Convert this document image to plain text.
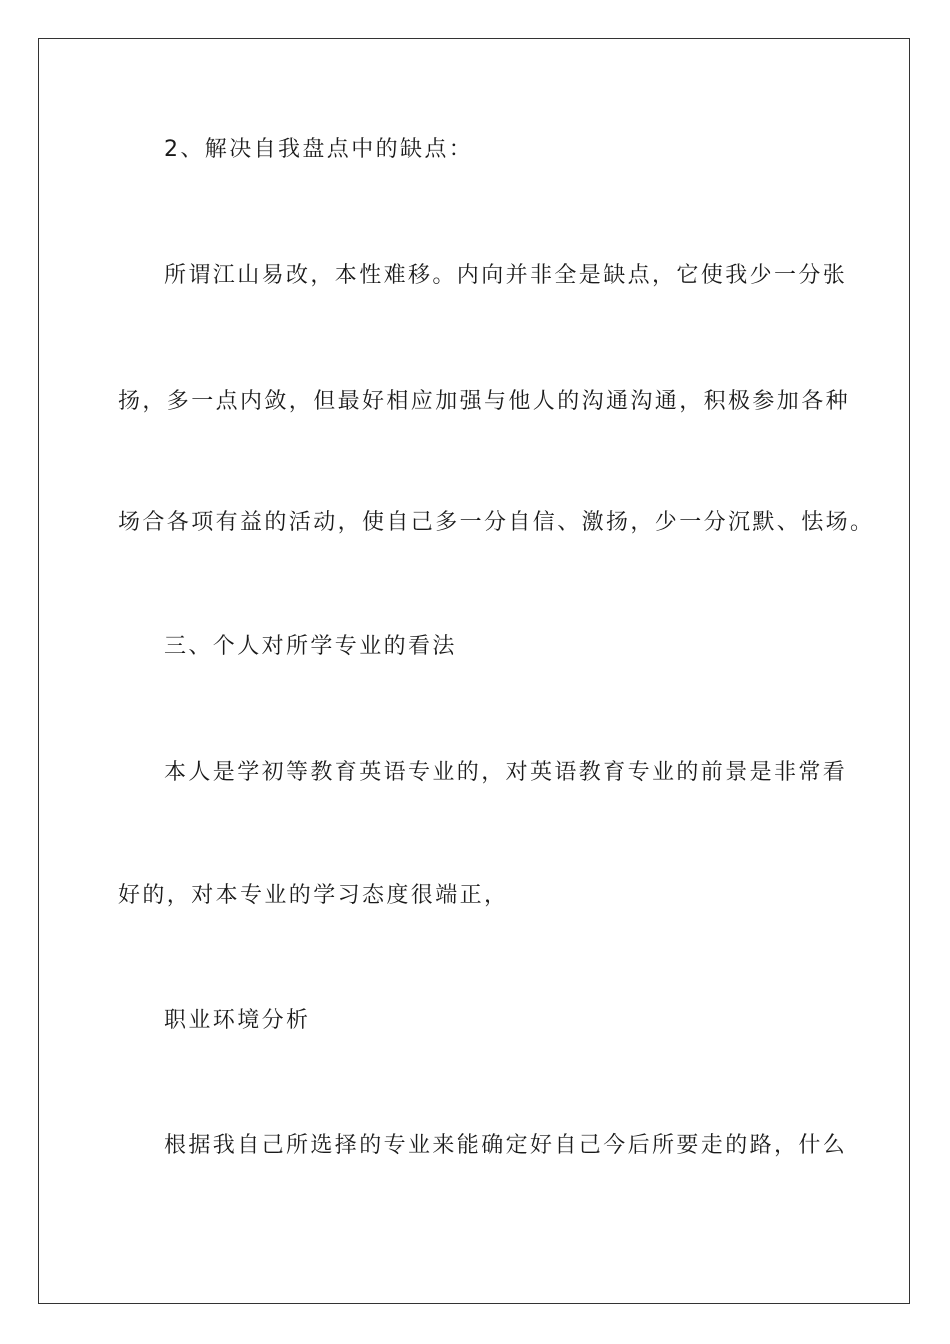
2、解决自我盘点中的缺点：
所谓江山易改，本性难移。内向并非全是缺点，它使我少一分张
扬，多一点内敛，但最好相应加强与他人的沟通沟通，积极参加各种
场合各项有益的活动，使自己多一分自信、激扬，少一分沉默、怯场。
三、个人对所学专业的看法
本人是学初等教育英语专业的，对英语教育专业的前景是非常看
好的，对本专业的学习态度很端正，
职业环境分析
根据我自己所选择的专业来能确定好自己今后所要走的路，什么
